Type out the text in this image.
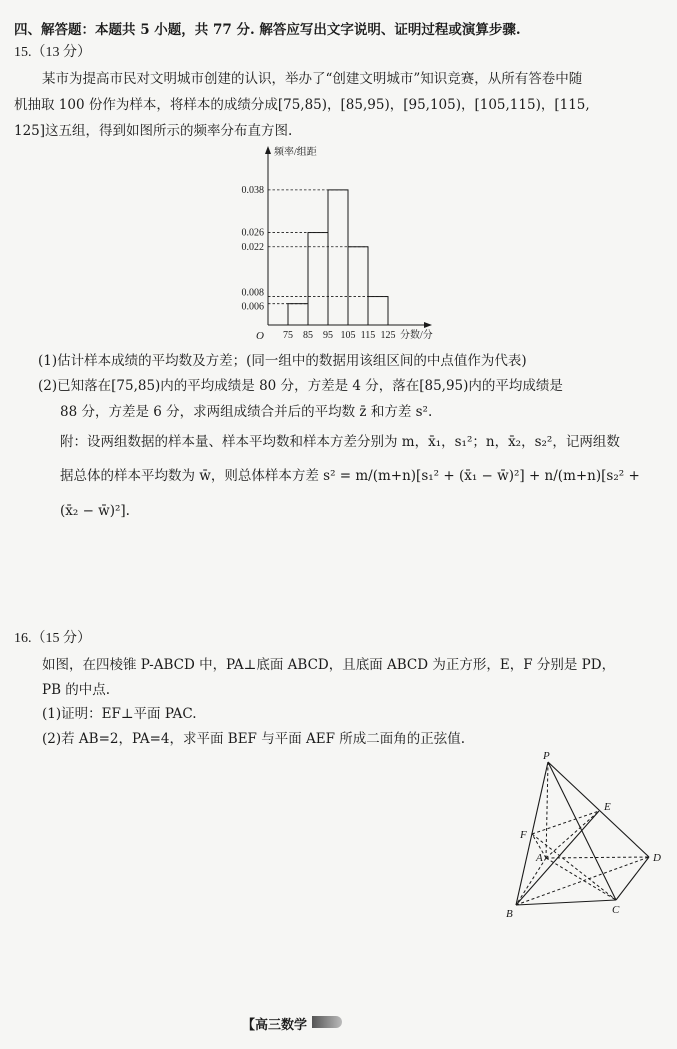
四、解答题：本题共 5 小题，共 77 分. 解答应写出文字说明、证明过程或演算步骤.
15.（13 分）
某市为提高市民对文明城市创建的认识，举办了“创建文明城市”知识竞赛，从所有答卷中随
机抽取 100 份作为样本，将样本的成绩分成[75,85)，[85,95)，[95,105)，[105,115)，[115,
125]这五组，得到如图所示的频率分布直方图.
0.038
0.026
0.022
0.008
0.006
频率/组距
O 75 85 95 105 115 125 分数/分
(1)估计样本成绩的平均数及方差；(同一组中的数据用该组区间的中点值作为代表)
(2)已知落在[75,85)内的平均成绩是 80 分，方差是 4 分，落在[85,95)内的平均成绩是
88 分，方差是 6 分，求两组成绩合并后的平均数 z̄ 和方差 s².
附：设两组数据的样本量、样本平均数和样本方差分别为 m，x̄₁，s₁²；n，x̄₂，s₂²，记两组数
据总体的样本平均数为 w̄，则总体样本方差 s² = m/(m+n)[s₁² + (x̄₁ − w̄)²] + n/(m+n)[s₂² +
(x̄₂ − w̄)²].
16.（15 分）
如图，在四棱锥 P-ABCD 中，PA⊥底面 ABCD，且底面 ABCD 为正方形，E，F 分别是 PD，
PB 的中点.
(1)证明：EF⊥平面 PAC.
(2)若 AB=2，PA=4，求平面 BEF 与平面 AEF 所成二面角的正弦值.
P
E
F
A	D
B	C
【高三数学
